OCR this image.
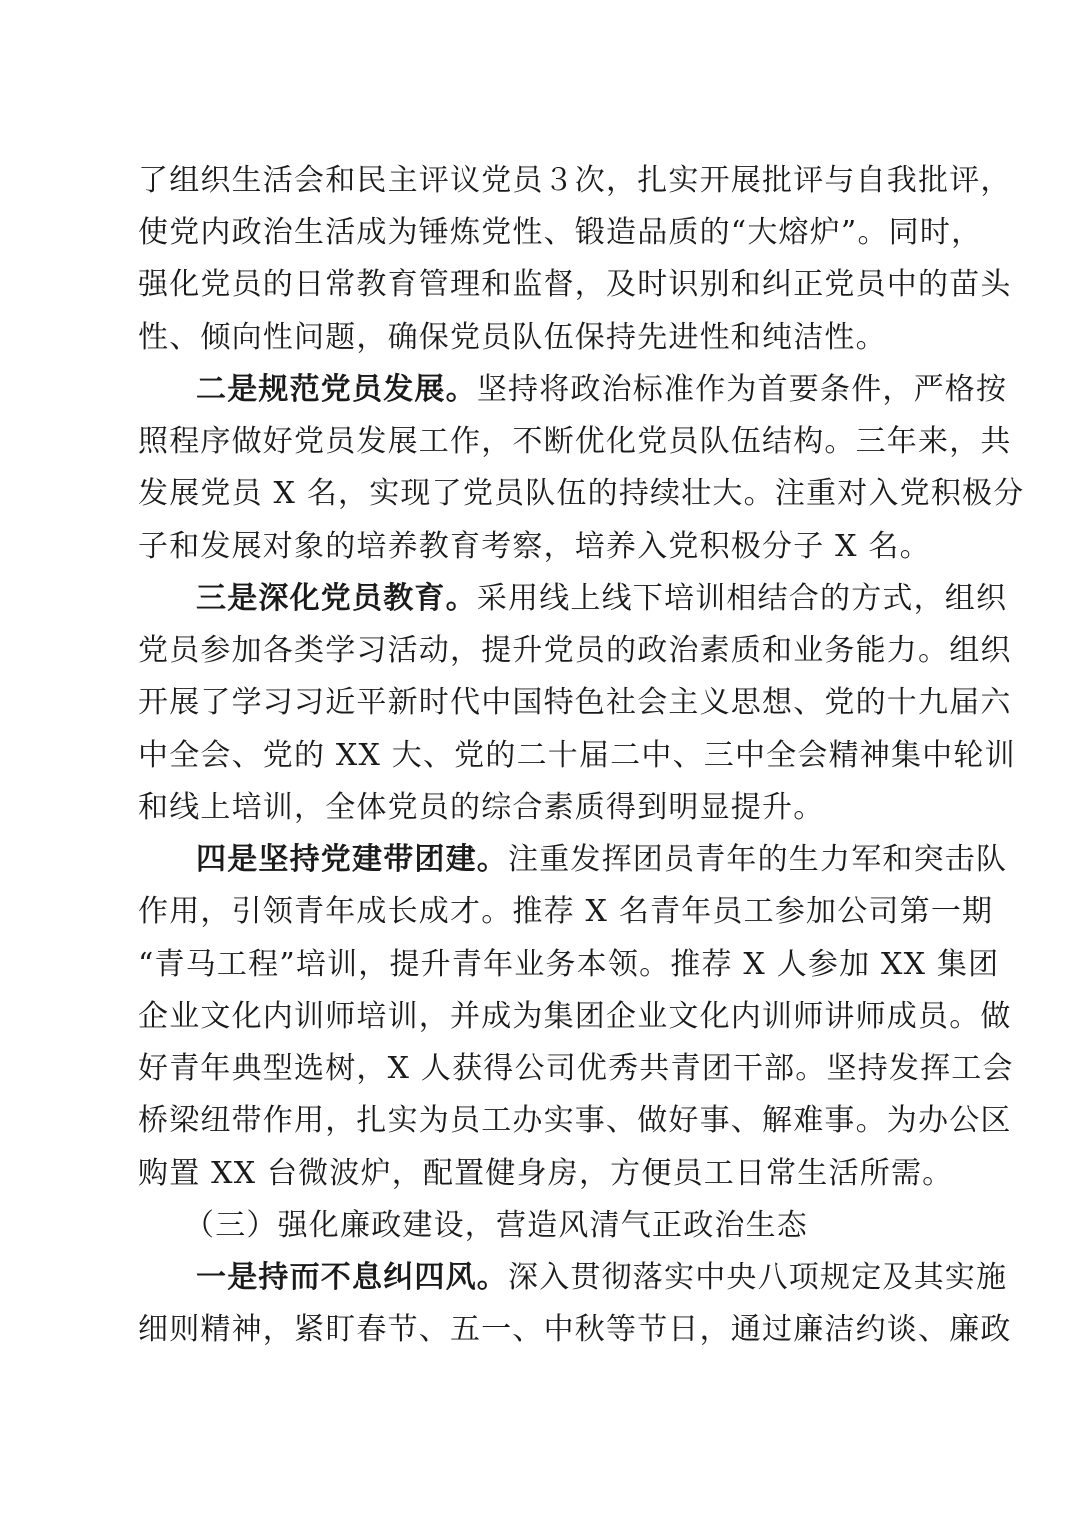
了组织生活会和民主评议党员３次，扎实开展批评与自我批评，
使党内政治生活成为锤炼党性、锻造品质的“大熔炉”。同时，
强化党员的日常教育管理和监督，及时识别和纠正党员中的苗头
性、倾向性问题，确保党员队伍保持先进性和纯洁性。
二是规范党员发展。坚持将政治标准作为首要条件，严格按
照程序做好党员发展工作，不断优化党员队伍结构。三年来，共
发展党员 X 名，实现了党员队伍的持续壮大。注重对入党积极分
子和发展对象的培养教育考察，培养入党积极分子 X 名。
三是深化党员教育。采用线上线下培训相结合的方式，组织
党员参加各类学习活动，提升党员的政治素质和业务能力。组织
开展了学习习近平新时代中国特色社会主义思想、党的十九届六
中全会、党的 XX 大、党的二十届二中、三中全会精神集中轮训
和线上培训，全体党员的综合素质得到明显提升。
四是坚持党建带团建。注重发挥团员青年的生力军和突击队
作用，引领青年成长成才。推荐 X 名青年员工参加公司第一期
“青马工程”培训，提升青年业务本领。推荐 X 人参加 XX 集团
企业文化内训师培训，并成为集团企业文化内训师讲师成员。做
好青年典型选树，X 人获得公司优秀共青团干部。坚持发挥工会
桥梁纽带作用，扎实为员工办实事、做好事、解难事。为办公区
购置 XX 台微波炉，配置健身房，方便员工日常生活所需。
（三）强化廉政建设，营造风清气正政治生态
一是持而不息纠四风。深入贯彻落实中央八项规定及其实施
细则精神，紧盯春节、五一、中秋等节日，通过廉洁约谈、廉政
